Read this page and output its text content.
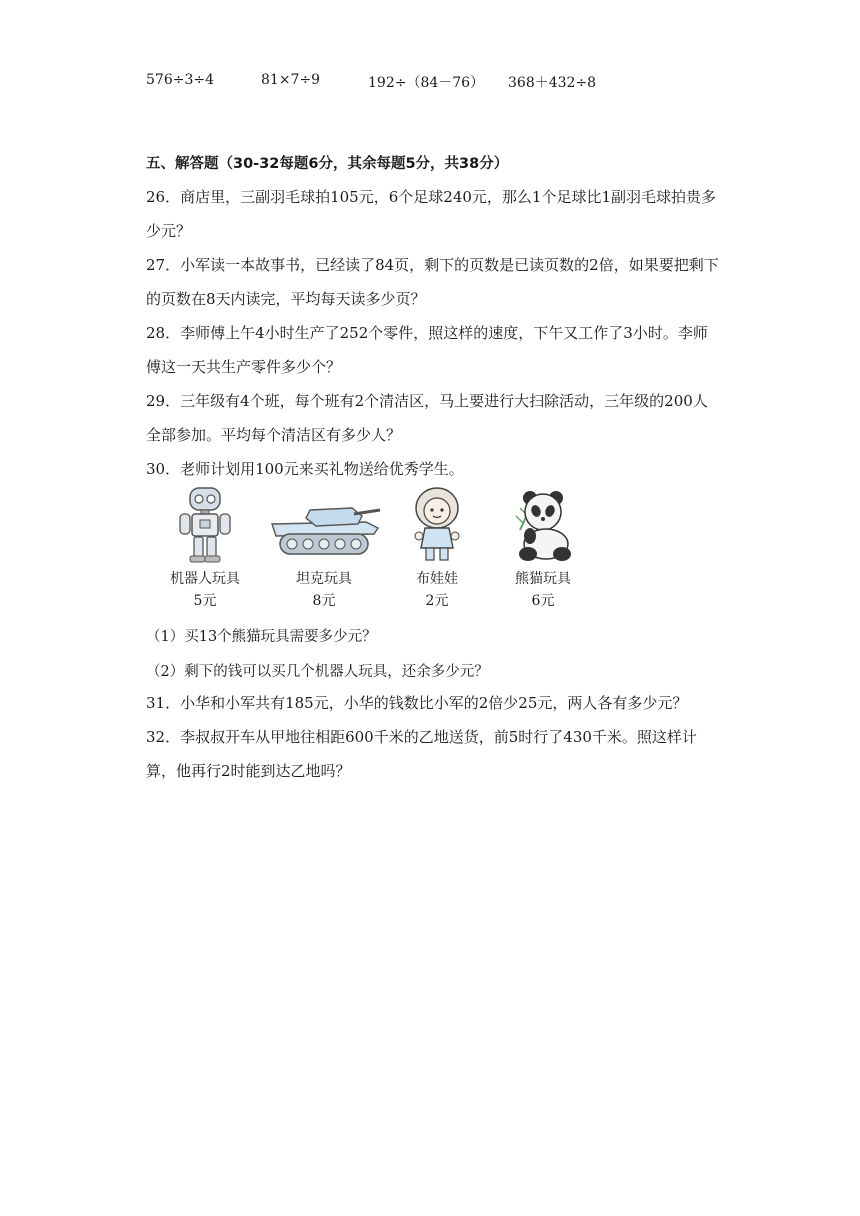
576÷3÷4	81×7÷9	192÷（84－76） 368＋432÷8
五、解答题（30-32每题6分，其余每题5分，共38分）
26．商店里，三副羽毛球拍105元，6个足球240元，那么1个足球比1副羽毛球拍贵多少元？
27．小军读一本故事书，已经读了84页，剩下的页数是已读页数的2倍，如果要把剩下的页数在8天内读完，平均每天读多少页？
28．李师傅上午4小时生产了252个零件，照这样的速度，下午又工作了3小时。李师傅这一天共生产零件多少个？
29．三年级有4个班，每个班有2个清洁区，马上要进行大扫除活动，三年级的200人全部参加。平均每个清洁区有多少人？
30．老师计划用100元来买礼物送给优秀学生。
机器人玩具
5元
坦克玩具
8元
布娃娃
2元
熊猫玩具
6元
（1）买13个熊猫玩具需要多少元？
（2）剩下的钱可以买几个机器人玩具，还余多少元？
31．小华和小军共有185元，小华的钱数比小军的2倍少25元，两人各有多少元？
32．李叔叔开车从甲地往相距600千米的乙地送货，前5时行了430千米。照这样计算，他再行2时能到达乙地吗？
